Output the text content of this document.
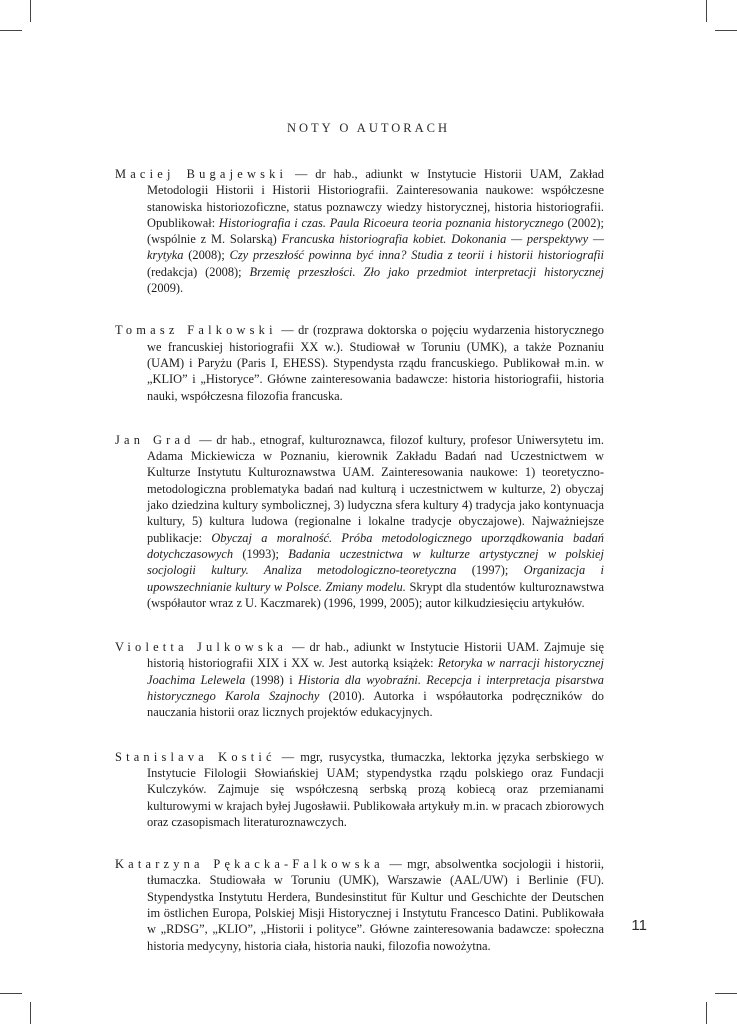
NOTY O AUTORACH

Maciej Bugajewski — dr hab., adiunkt w Instytucie Historii UAM, Zakład Metodologii Historii i Historii Historiografii. Zainteresowania naukowe: współczesne stanowiska historiozoficzne, status poznawczy wiedzy historycznej, historia historiografii. Opublikował: Historiografia i czas. Paula Ricoeura teoria poznania historycznego (2002); (wspólnie z M. Solarską) Francuska historiografia kobiet. Dokonania — perspektywy — krytyka (2008); Czy przeszłość powinna być inna? Studia z teorii i historii historiografii (redakcja) (2008); Brzemię przeszłości. Zło jako przedmiot interpretacji historycznej (2009).

Tomasz Falkowski — dr (rozprawa doktorska o pojęciu wydarzenia historycznego we francuskiej historiografii XX w.). Studiował w Toruniu (UMK), a także Poznaniu (UAM) i Paryżu (Paris I, EHESS). Stypendysta rządu francuskiego. Publikował m.in. w „KLIO” i „Historyce”. Główne zainteresowania badawcze: historia historiografii, historia nauki, współczesna filozofia francuska.

Jan Grad — dr hab., etnograf, kulturoznawca, filozof kultury, profesor Uniwersytetu im. Adama Mickiewicza w Poznaniu, kierownik Zakładu Badań nad Uczestnictwem w Kulturze Instytutu Kulturoznawstwa UAM. Zainteresowania naukowe: 1) teoretyczno-metodologiczna problematyka badań nad kulturą i uczestnictwem w kulturze, 2) obyczaj jako dziedzina kultury symbolicznej, 3) ludyczna sfera kultury 4) tradycja jako kontynuacja kultury, 5) kultura ludowa (regionalne i lokalne tradycje obyczajowe). Najważniejsze publikacje: Obyczaj a moralność. Próba metodologicznego uporządkowania badań dotychczasowych (1993); Badania uczestnictwa w kulturze artystycznej w polskiej socjologii kultury. Analiza metodologiczno-teoretyczna (1997); Organizacja i upowszechnianie kultury w Polsce. Zmiany modelu. Skrypt dla studentów kulturoznawstwa (współautor wraz z U. Kaczmarek) (1996, 1999, 2005); autor kilkudziesięciu artykułów.

Violetta Julkowska — dr hab., adiunkt w Instytucie Historii UAM. Zajmuje się historią historiografii XIX i XX w. Jest autorką książek: Retoryka w narracji historycznej Joachima Lelewela (1998) i Historia dla wyobraźni. Recepcja i interpretacja pisarstwa historycznego Karola Szajnochy (2010). Autorka i współautorka podręczników do nauczania historii oraz licznych projektów edukacyjnych.

Stanislava Kostić — mgr, rusycystka, tłumaczka, lektorka języka serbskiego w Instytucie Filologii Słowiańskiej UAM; stypendystka rządu polskiego oraz Fundacji Kulczyków. Zajmuje się współczesną serbską prozą kobiecą oraz przemianami kulturowymi w krajach byłej Jugosławii. Publikowała artykuły m.in. w pracach zbiorowych oraz czasopismach literaturoznawczych.

Katarzyna Pękacka-Falkowska — mgr, absolwentka socjologii i historii, tłumaczka. Studiowała w Toruniu (UMK), Warszawie (AAL/UW) i Berlinie (FU). Stypendystka Instytutu Herdera, Bundesinstitut für Kultur und Geschichte der Deutschen im östlichen Europa, Polskiej Misji Historycznej i Instytutu Francesco Datini. Publikowała w „RDSG”, „KLIO”, „Historii i polityce”. Główne zainteresowania badawcze: społeczna historia medycyny, historia ciała, historia nauki, filozofia nowożytna.

11
